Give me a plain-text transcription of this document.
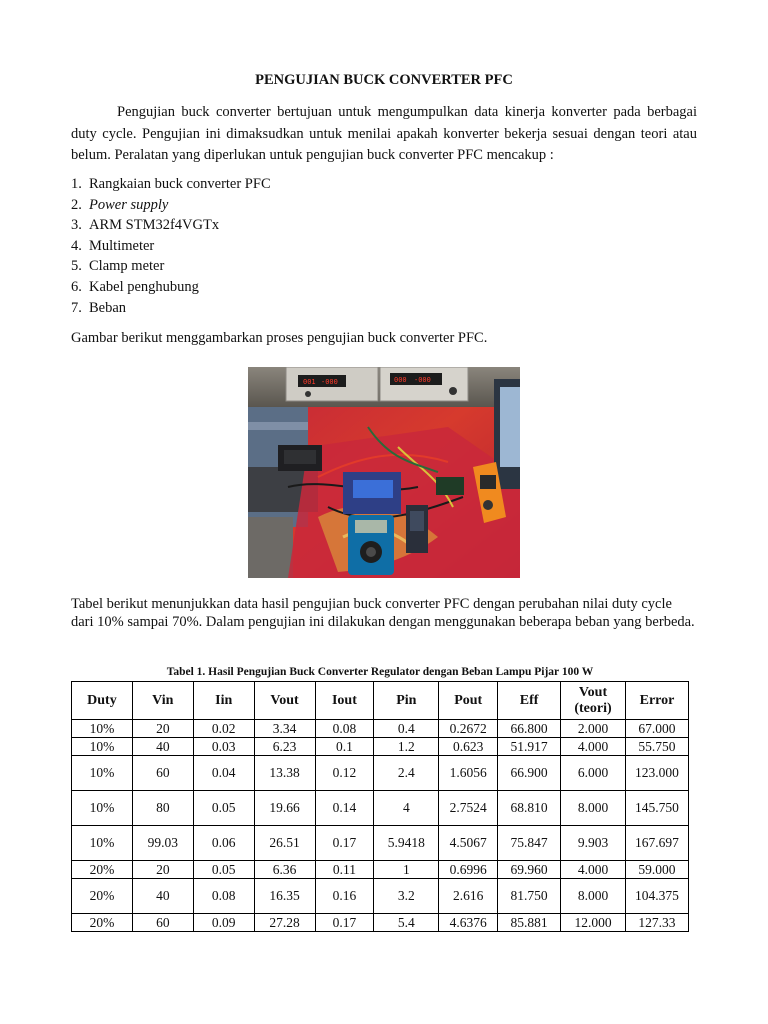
PENGUJIAN BUCK CONVERTER PFC

Pengujian buck converter bertujuan untuk mengumpulkan data kinerja konverter pada berbagai duty cycle. Pengujian ini dimaksudkan untuk menilai apakah konverter bekerja sesuai dengan teori atau belum. Peralatan yang diperlukan untuk pengujian buck converter PFC mencakup :

1. Rangkaian buck converter PFC
2. Power supply
3. ARM STM32f4VGTx
4. Multimeter
5. Clamp meter
6. Kabel penghubung
7. Beban

Gambar berikut menggambarkan proses pengujian buck converter PFC.

001 -000	000 -000

Tabel berikut menunjukkan data hasil pengujian buck converter PFC dengan perubahan nilai duty cycle dari 10% sampai 70%. Dalam pengujian ini dilakukan dengan menggunakan beberapa beban yang berbeda.

Tabel 1. Hasil Pengujian Buck Converter Regulator dengan Beban Lampu Pijar 100 W
Duty	Vin	Iin	Vout	Iout	Pin	Pout	Eff	Vout (teori)	Error
10%	20	0.02	3.34	0.08	0.4	0.2672	66.800	2.000	67.000
10%	40	0.03	6.23	0.1	1.2	0.623	51.917	4.000	55.750
10%	60	0.04	13.38	0.12	2.4	1.6056	66.900	6.000	123.000
10%	80	0.05	19.66	0.14	4	2.7524	68.810	8.000	145.750
10%	99.03	0.06	26.51	0.17	5.9418	4.5067	75.847	9.903	167.697
20%	20	0.05	6.36	0.11	1	0.6996	69.960	4.000	59.000
20%	40	0.08	16.35	0.16	3.2	2.616	81.750	8.000	104.375
20%	60	0.09	27.28	0.17	5.4	4.6376	85.881	12.000	127.33
